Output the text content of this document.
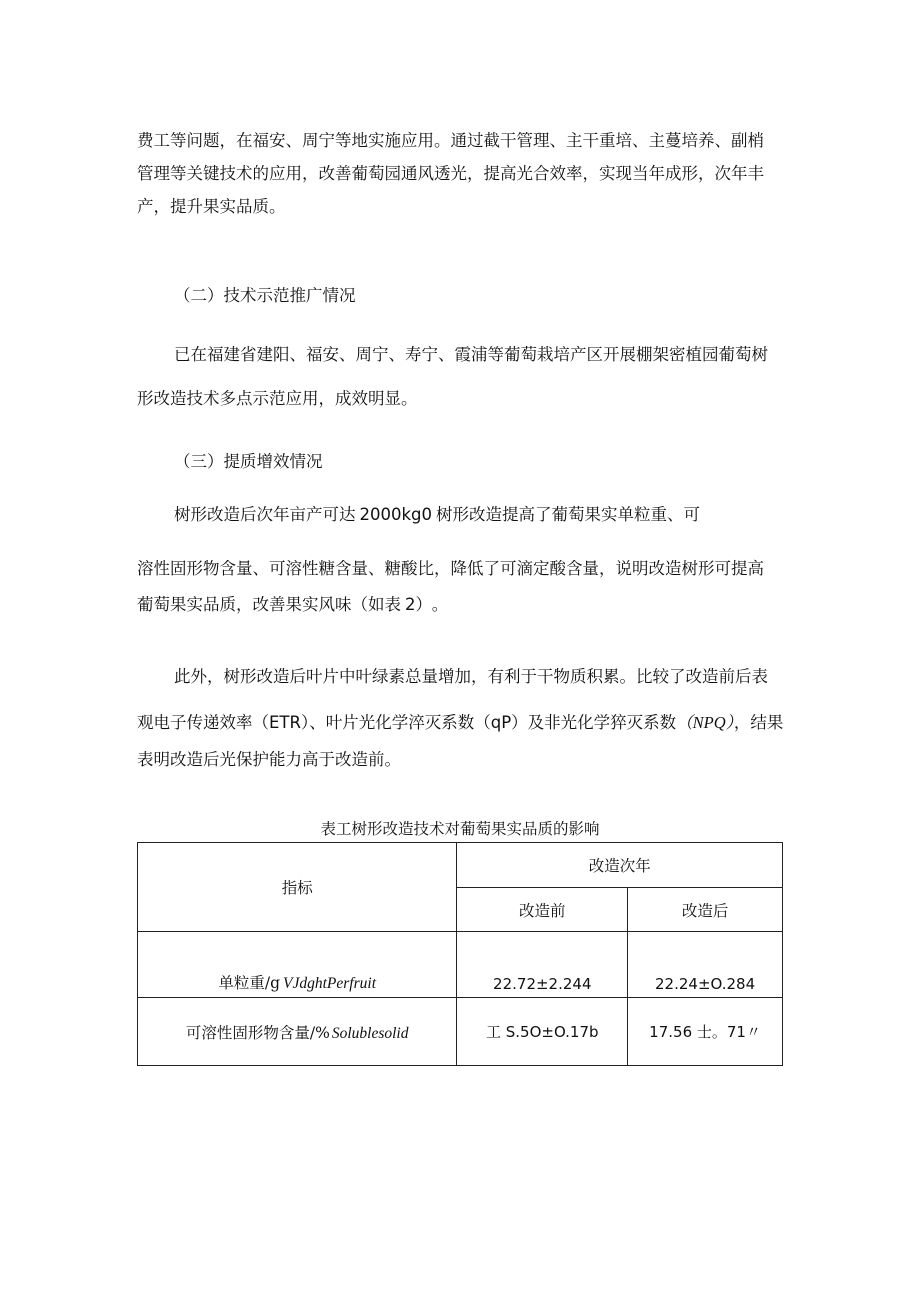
费工等问题，在福安、周宁等地实施应用。通过截干管理、主干重培、主蔓培养、副梢

管理等关键技术的应用，改善葡萄园通风透光，提高光合效率，实现当年成形，次年丰

产，提升果实品质。

（二）技术示范推广情况

已在福建省建阳、福安、周宁、寿宁、霞浦等葡萄栽培产区开展棚架密植园葡萄树

形改造技术多点示范应用，成效明显。

（三）提质增效情况

树形改造后次年亩产可达 2000kg0 树形改造提高了葡萄果实单粒重、可

溶性固形物含量、可溶性糖含量、糖酸比，降低了可滴定酸含量，说明改造树形可提高

葡萄果实品质，改善果实风味（如表 2） 。

此外，树形改造后叶片中叶绿素总量增加，有利于干物质积累。比较了改造前后表

观电子传递效率（ETR）、叶片光化学淬灭系数（qP）及非光化学猝灭系数（NPQ），结果

表明改造后光保护能力高于改造前。

表工树形改造技术对葡萄果实品质的影响
指标	改造次年	
	改造前	改造后
单粒重/g VJdghtPerfruit	22.72±2.244	22.24±O.284
可溶性固形物含量/% Solublesolid	工 S.5O±O.17b	17.56 士。71〃
